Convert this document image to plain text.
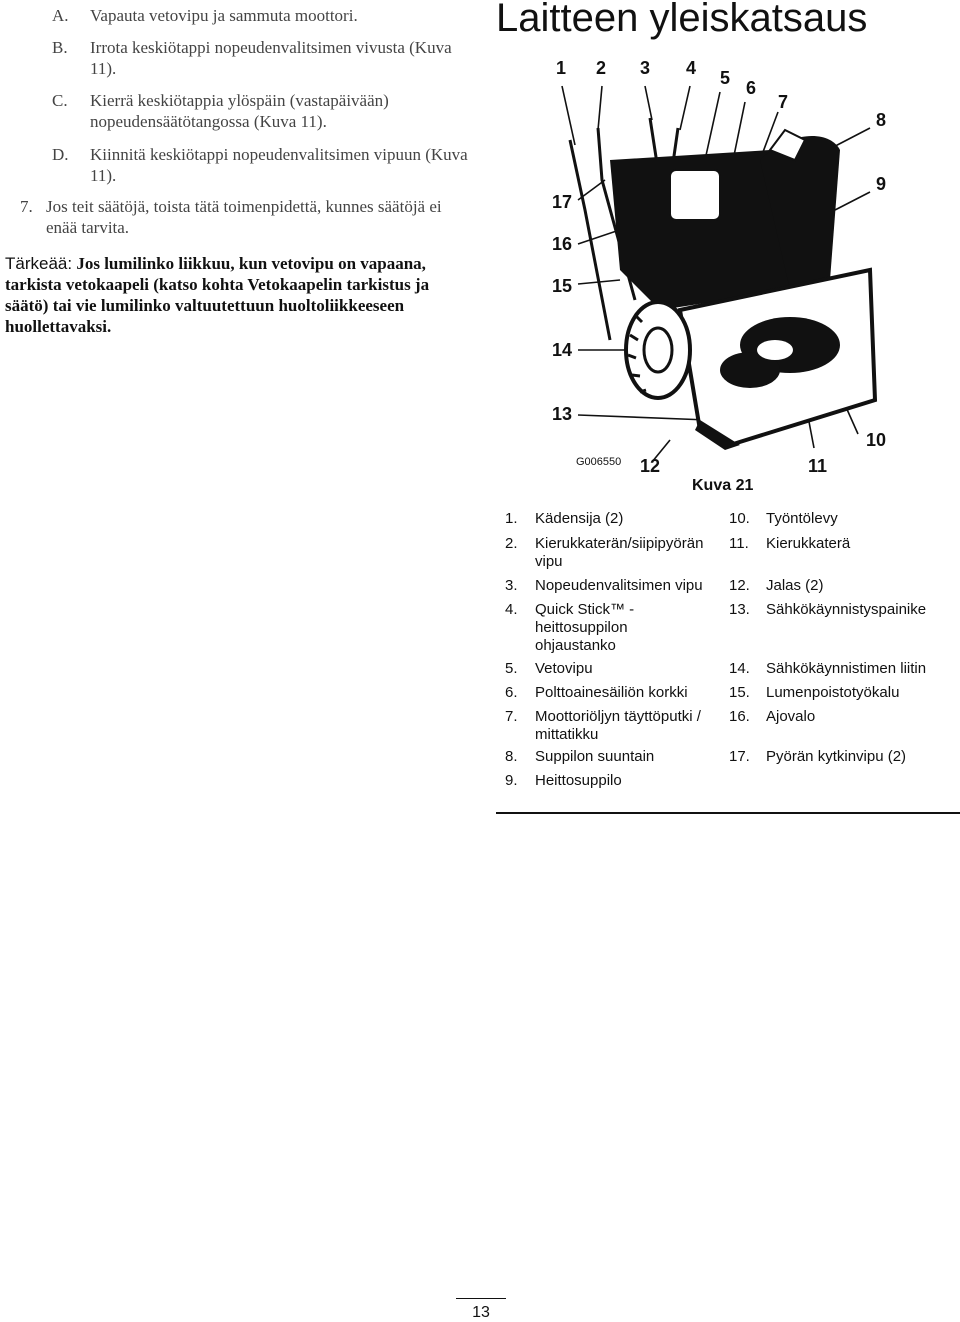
A. Vapauta vetovipu ja sammuta moottori.
B. Irrota keskiötappi nopeudenvalitsimen vivusta (Kuva 11).
C. Kierrä keskiötappia ylöspäin (vastapäivään) nopeudensäätötangossa (Kuva 11).
D. Kiinnitä keskiötappi nopeudenvalitsimen vipuun (Kuva 11).
7. Jos teit säätöjä, toista tätä toimenpidettä, kunnes säätöjä ei enää tarvita.
Tärkeää: Jos lumilinko liikkuu, kun vetovipu on vapaana, tarkista vetokaapeli (katso kohta Vetokaapelin tarkistus ja säätö) tai vie lumilinko valtuutettuun huoltoliikkeeseen huollettavaksi.
Laitteen yleiskatsaus
1 2 3 4 5 6
7
8
9
10
11
12
13
14
15
16
17
G006550
Kuva 21
1. Kädensija (2)
2. Kierukkaterän/siipipyörän vipu
3. Nopeudenvalitsimen vipu
4. Quick Stick™ -heittosuppilon ohjaustanko
5. Vetovipu
6. Polttoainesäiliön korkki
7. Moottoriöljyn täyttöputki / mittatikku
8. Suppilon suuntain
9. Heittosuppilo
10. Työntölevy
11. Kierukkaterä
12. Jalas (2)
13. Sähkökäynnistyspainike
14. Sähkökäynnistimen liitin
15. Lumenpoistotyökalu
16. Ajovalo
17. Pyörän kytkinvipu (2)
13
